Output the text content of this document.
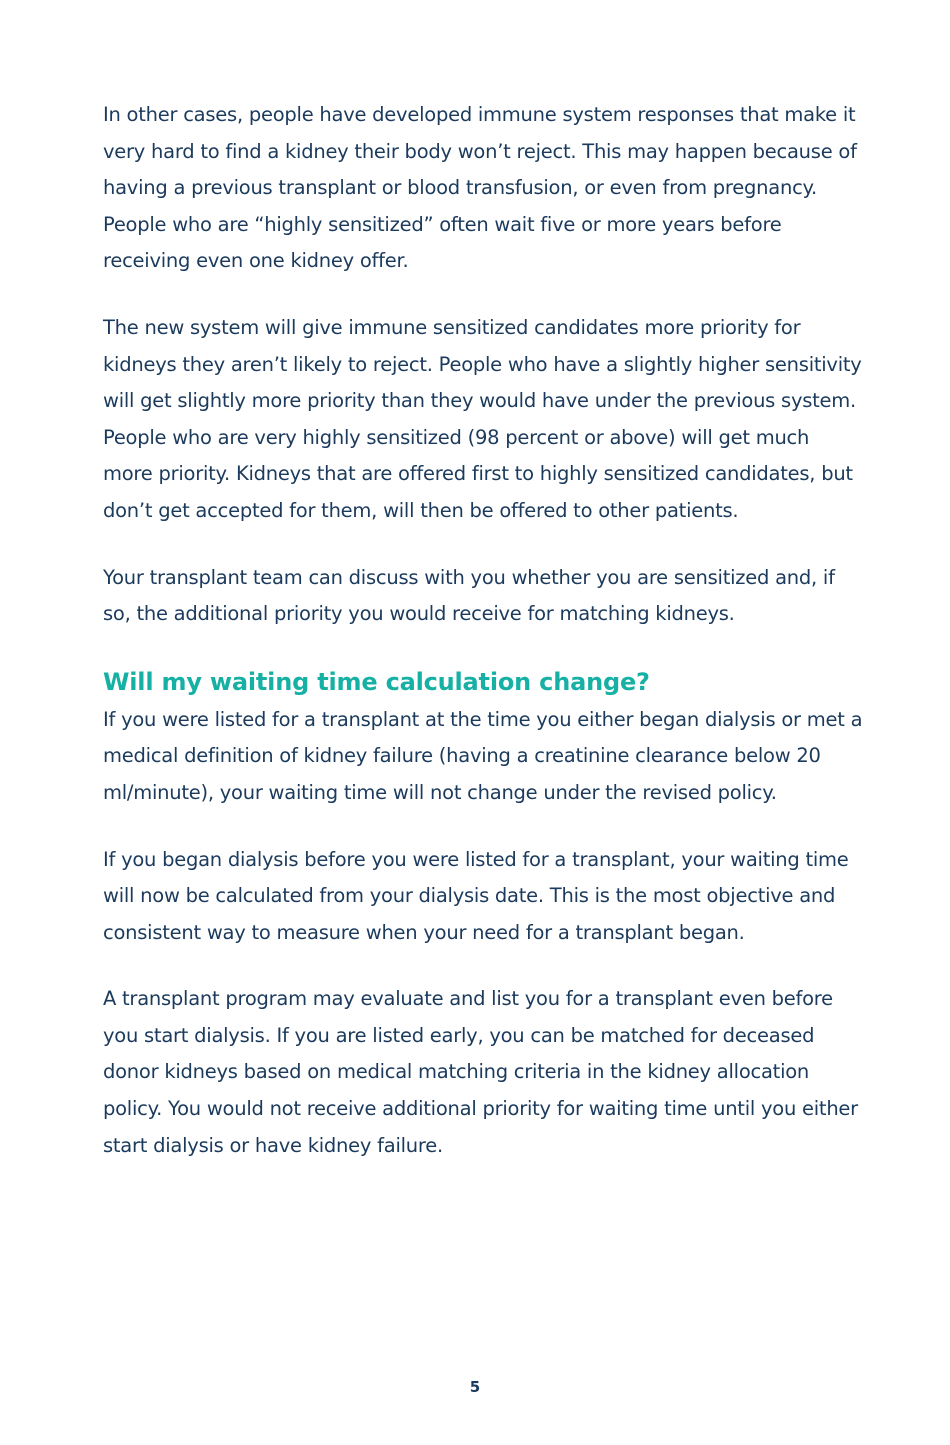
In other cases, people have developed immune system responses that make it very hard to find a kidney their body won’t reject. This may happen because of having a previous transplant or blood transfusion, or even from pregnancy. People who are “highly sensitized” often wait five or more years before receiving even one kidney offer.

The new system will give immune sensitized candidates more priority for kidneys they aren’t likely to reject. People who have a slightly higher sensitivity will get slightly more priority than they would have under the previous system. People who are very highly sensitized (98 percent or above) will get much more priority. Kidneys that are offered first to highly sensitized candidates, but don’t get accepted for them, will then be offered to other patients.

Your transplant team can discuss with you whether you are sensitized and, if so, the additional priority you would receive for matching kidneys.

Will my waiting time calculation change?

If you were listed for a transplant at the time you either began dialysis or met a medical definition of kidney failure (having a creatinine clearance below 20 ml/minute), your waiting time will not change under the revised policy.

If you began dialysis before you were listed for a transplant, your waiting time will now be calculated from your dialysis date. This is the most objective and consistent way to measure when your need for a transplant began.

A transplant program may evaluate and list you for a transplant even before you start dialysis. If you are listed early, you can be matched for deceased donor kidneys based on medical matching criteria in the kidney allocation policy. You would not receive additional priority for waiting time until you either start dialysis or have kidney failure.

5
